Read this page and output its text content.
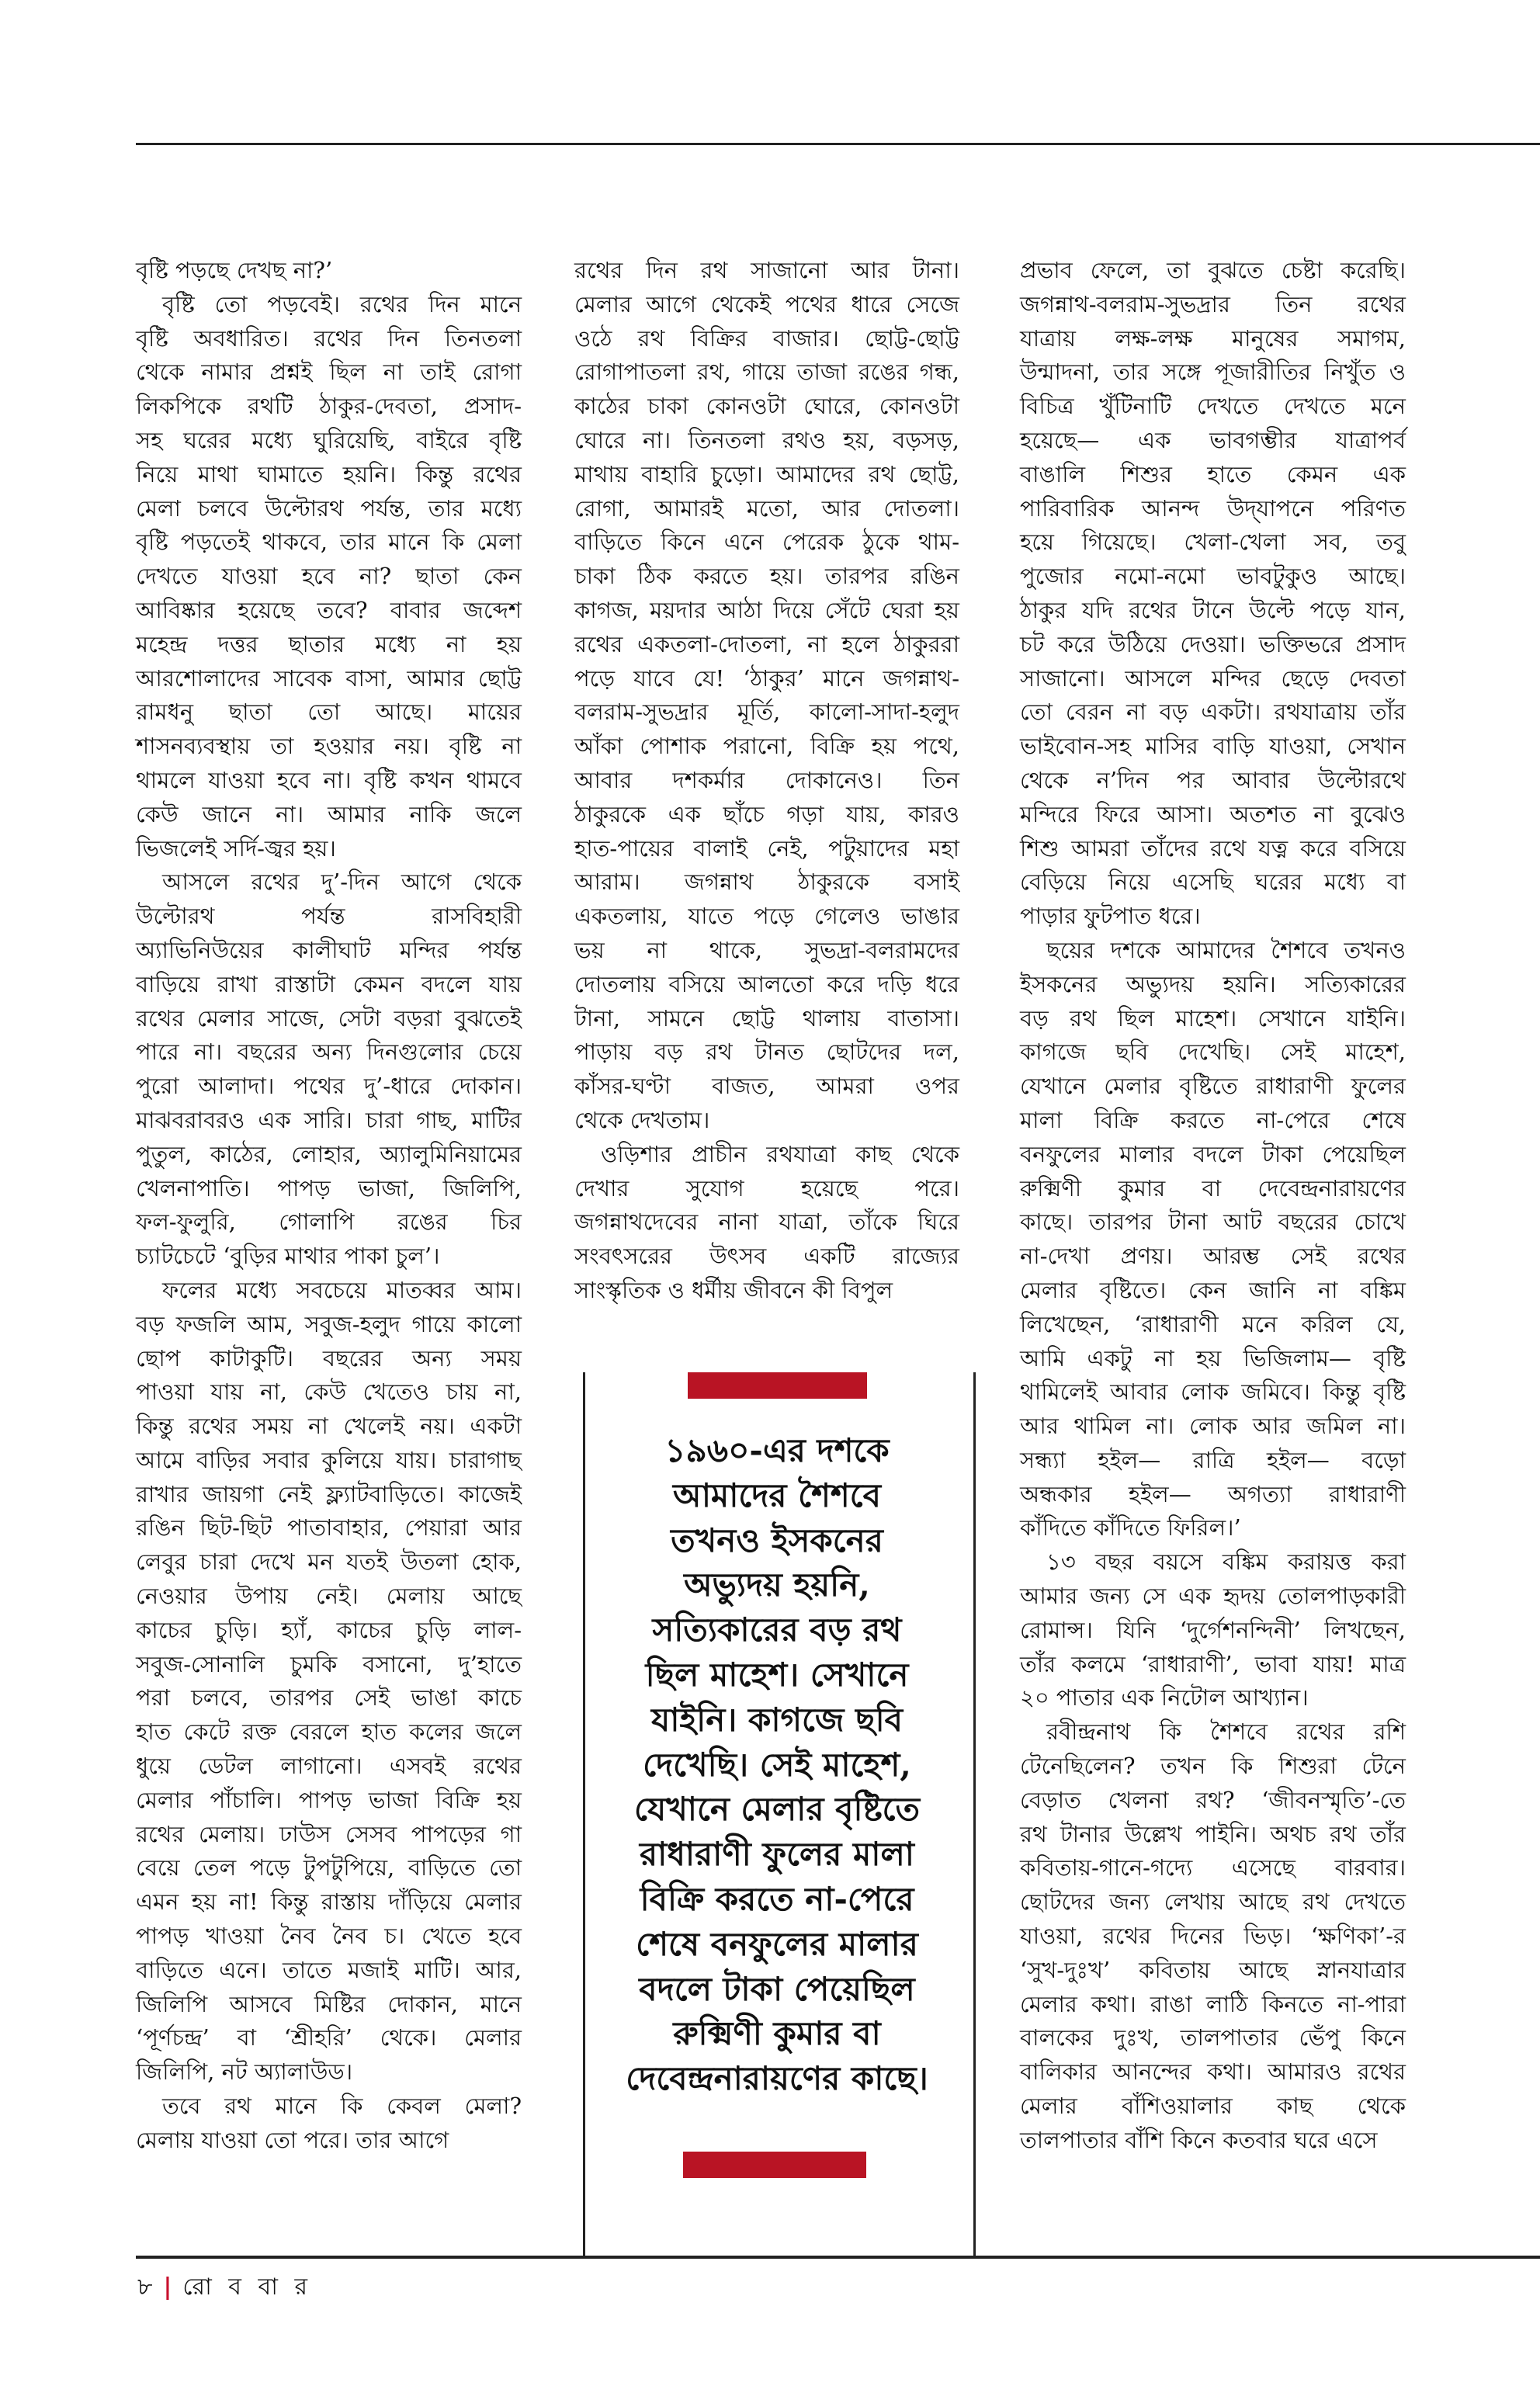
বৃষ্টি পড়ছে দেখছ না?’
বৃষ্টি তো পড়বেই। রথের দিন মানে
বৃষ্টি অবধারিত। রথের দিন তিনতলা
থেকে নামার প্রশ্নই ছিল না তাই রোগা
লিকপিকে রথটি ঠাকুর-দেবতা, প্রসাদ-
সহ ঘরের মধ্যে ঘুরিয়েছি, বাইরে বৃষ্টি
নিয়ে মাথা ঘামাতে হয়নি। কিন্তু রথের
মেলা চলবে উল্টোরথ পর্যন্ত, তার মধ্যে
বৃষ্টি পড়তেই থাকবে, তার মানে কি মেলা
দেখতে যাওয়া হবে না? ছাতা কেন
আবিষ্কার হয়েছে তবে? বাবার জব্দেশ
মহেন্দ্র দত্তর ছাতার মধ্যে না হয়
আরশোলাদের সাবেক বাসা, আমার ছোট্ট
রামধনু ছাতা তো আছে। মায়ের
শাসনব্যবস্থায় তা হওয়ার নয়। বৃষ্টি না
থামলে যাওয়া হবে না। বৃষ্টি কখন থামবে
কেউ জানে না। আমার নাকি জলে
ভিজলেই সর্দি-জ্বর হয়।
আসলে রথের দু’-দিন আগে থেকে
উল্টোরথ পর্যন্ত রাসবিহারী
অ্যাভিনিউয়ের কালীঘাট মন্দির পর্যন্ত
বাড়িয়ে রাখা রাস্তাটা কেমন বদলে যায়
রথের মেলার সাজে, সেটা বড়রা বুঝতেই
পারে না। বছরের অন্য দিনগুলোর চেয়ে
পুরো আলাদা। পথের দু’-ধারে দোকান।
মাঝবরাবরও এক সারি। চারা গাছ, মাটির
পুতুল, কাঠের, লোহার, অ্যালুমিনিয়ামের
খেলনাপাতি। পাপড় ভাজা, জিলিপি,
ফল-ফুলুরি, গোলাপি রঙের চির
চ্যাটচেটে ‘বুড়ির মাথার পাকা চুল’।
ফলের মধ্যে সবচেয়ে মাতব্বর আম।
বড় ফজলি আম, সবুজ-হলুদ গায়ে কালো
ছোপ কাটাকুটি। বছরের অন্য সময়
পাওয়া যায় না, কেউ খেতেও চায় না,
কিন্তু রথের সময় না খেলেই নয়। একটা
আমে বাড়ির সবার কুলিয়ে যায়। চারাগাছ
রাখার জায়গা নেই ফ্ল্যাটবাড়িতে। কাজেই
রঙিন ছিট-ছিট পাতাবাহার, পেয়ারা আর
লেবুর চারা দেখে মন যতই উতলা হোক,
নেওয়ার উপায় নেই। মেলায় আছে
কাচের চুড়ি। হ্যাঁ, কাচের চুড়ি লাল-
সবুজ-সোনালি চুমকি বসানো, দু’হাতে
পরা চলবে, তারপর সেই ভাঙা কাচে
হাত কেটে রক্ত বেরলে হাত কলের জলে
ধুয়ে ডেটল লাগানো। এসবই রথের
মেলার পাঁচালি। পাপড় ভাজা বিক্রি হয়
রথের মেলায়। ঢাউস সেসব পাপড়ের গা
বেয়ে তেল পড়ে টুপটুপিয়ে, বাড়িতে তো
এমন হয় না! কিন্তু রাস্তায় দাঁড়িয়ে মেলার
পাপড় খাওয়া নৈব নৈব চ। খেতে হবে
বাড়িতে এনে। তাতে মজাই মাটি। আর,
জিলিপি আসবে মিষ্টির দোকান, মানে
‘পূর্ণচন্দ্র’ বা ‘শ্রীহরি’ থেকে। মেলার
জিলিপি, নট অ্যালাউড।
তবে রথ মানে কি কেবল মেলা?
মেলায় যাওয়া তো পরে। তার আগে
রথের দিন রথ সাজানো আর টানা।
মেলার আগে থেকেই পথের ধারে সেজে
ওঠে রথ বিক্রির বাজার। ছোট্ট-ছোট্ট
রোগাপাতলা রথ, গায়ে তাজা রঙের গন্ধ,
কাঠের চাকা কোনওটা ঘোরে, কোনওটা
ঘোরে না। তিনতলা রথও হয়, বড়সড়,
মাথায় বাহারি চুড়ো। আমাদের রথ ছোট্ট,
রোগা, আমারই মতো, আর দোতলা।
বাড়িতে কিনে এনে পেরেক ঠুকে থাম-
চাকা ঠিক করতে হয়। তারপর রঙিন
কাগজ, ময়দার আঠা দিয়ে সেঁটে ঘেরা হয়
রথের একতলা-দোতলা, না হলে ঠাকুররা
পড়ে যাবে যে! ‘ঠাকুর’ মানে জগন্নাথ-
বলরাম-সুভদ্রার মূর্তি, কালো-সাদা-হলুদ
আঁকা পোশাক পরানো, বিক্রি হয় পথে,
আবার দশকর্মার দোকানেও। তিন
ঠাকুরকে এক ছাঁচে গড়া যায়, কারও
হাত-পায়ের বালাই নেই, পটুয়াদের মহা
আরাম। জগন্নাথ ঠাকুরকে বসাই
একতলায়, যাতে পড়ে গেলেও ভাঙার
ভয় না থাকে, সুভদ্রা-বলরামদের
দোতলায় বসিয়ে আলতো করে দড়ি ধরে
টানা, সামনে ছোট্ট থালায় বাতাসা।
পাড়ায় বড় রথ টানত ছোটদের দল,
কাঁসর-ঘণ্টা বাজত, আমরা ওপর
থেকে দেখতাম।
ওড়িশার প্রাচীন রথযাত্রা কাছ থেকে
দেখার সুযোগ হয়েছে পরে।
জগন্নাথদেবের নানা যাত্রা, তাঁকে ঘিরে
সংবৎসরের উৎসব একটি রাজ্যের
সাংস্কৃতিক ও ধর্মীয় জীবনে কী বিপুল
প্রভাব ফেলে, তা বুঝতে চেষ্টা করেছি।
জগন্নাথ-বলরাম-সুভদ্রার তিন রথের
যাত্রায় লক্ষ-লক্ষ মানুষের সমাগম,
উন্মাদনা, তার সঙ্গে পূজারীতির নিখুঁত ও
বিচিত্র খুঁটিনাটি দেখতে দেখতে মনে
হয়েছে— এক ভাবগম্ভীর যাত্রাপর্ব
বাঙালি শিশুর হাতে কেমন এক
পারিবারিক আনন্দ উদ্‌যাপনে পরিণত
হয়ে গিয়েছে। খেলা-খেলা সব, তবু
পুজোর নমো-নমো ভাবটুকুও আছে।
ঠাকুর যদি রথের টানে উল্টে পড়ে যান,
চট করে উঠিয়ে দেওয়া। ভক্তিভরে প্রসাদ
সাজানো। আসলে মন্দির ছেড়ে দেবতা
তো বেরন না বড় একটা। রথযাত্রায় তাঁর
ভাইবোন-সহ মাসির বাড়ি যাওয়া, সেখান
থেকে ন’দিন পর আবার উল্টোরথে
মন্দিরে ফিরে আসা। অতশত না বুঝেও
শিশু আমরা তাঁদের রথে যত্ন করে বসিয়ে
বেড়িয়ে নিয়ে এসেছি ঘরের মধ্যে বা
পাড়ার ফুটপাত ধরে।
ছয়ের দশকে আমাদের শৈশবে তখনও
ইসকনের অভ্যুদয় হয়নি। সত্যিকারের
বড় রথ ছিল মাহেশ। সেখানে যাইনি।
কাগজে ছবি দেখেছি। সেই মাহেশ,
যেখানে মেলার বৃষ্টিতে রাধারাণী ফুলের
মালা বিক্রি করতে না-পেরে শেষে
বনফুলের মালার বদলে টাকা পেয়েছিল
রুক্মিণী কুমার বা দেবেন্দ্রনারায়ণের
কাছে। তারপর টানা আট বছরের চোখে
না-দেখা প্রণয়। আরম্ভ সেই রথের
মেলার বৃষ্টিতে। কেন জানি না বঙ্কিম
লিখেছেন, ‘রাধারাণী মনে করিল যে,
আমি একটু না হয় ভিজিলাম— বৃষ্টি
থামিলেই আবার লোক জমিবে। কিন্তু বৃষ্টি
আর থামিল না। লোক আর জমিল না।
সন্ধ্যা হইল— রাত্রি হইল— বড়ো
অন্ধকার হইল— অগত্যা রাধারাণী
কাঁদিতে কাঁদিতে ফিরিল।’
১৩ বছর বয়সে বঙ্কিম করায়ত্ত করা
আমার জন্য সে এক হৃদয় তোলপাড়কারী
রোমান্স। যিনি ‘দুর্গেশনন্দিনী’ লিখছেন,
তাঁর কলমে ‘রাধারাণী’, ভাবা যায়! মাত্র
২০ পাতার এক নিটোল আখ্যান।
রবীন্দ্রনাথ কি শৈশবে রথের রশি
টেনেছিলেন? তখন কি শিশুরা টেনে
বেড়াত খেলনা রথ? ‘জীবনস্মৃতি’-তে
রথ টানার উল্লেখ পাইনি। অথচ রথ তাঁর
কবিতায়-গানে-গদ্যে এসেছে বারবার।
ছোটদের জন্য লেখায় আছে রথ দেখতে
যাওয়া, রথের দিনের ভিড়। ‘ক্ষণিকা’-র
‘সুখ-দুঃখ’ কবিতায় আছে স্নানযাত্রার
মেলার কথা। রাঙা লাঠি কিনতে না-পারা
বালকের দুঃখ, তালপাতার ভেঁপু কিনে
বালিকার আনন্দের কথা। আমারও রথের
মেলার বাঁশিওয়ালার কাছ থেকে
তালপাতার বাঁশি কিনে কতবার ঘরে এসে
১৯৬০-এর দশকে
আমাদের শৈশবে
তখনও ইসকনের
অভ্যুদয় হয়নি,
সত্যিকারের বড় রথ
ছিল মাহেশ। সেখানে
যাইনি। কাগজে ছবি
দেখেছি। সেই মাহেশ,
যেখানে মেলার বৃষ্টিতে
রাধারাণী ফুলের মালা
বিক্রি করতে না-পেরে
শেষে বনফুলের মালার
বদলে টাকা পেয়েছিল
রুক্মিণী কুমার বা
দেবেন্দ্রনারায়ণের কাছে।
৮ | রো ব বা র
